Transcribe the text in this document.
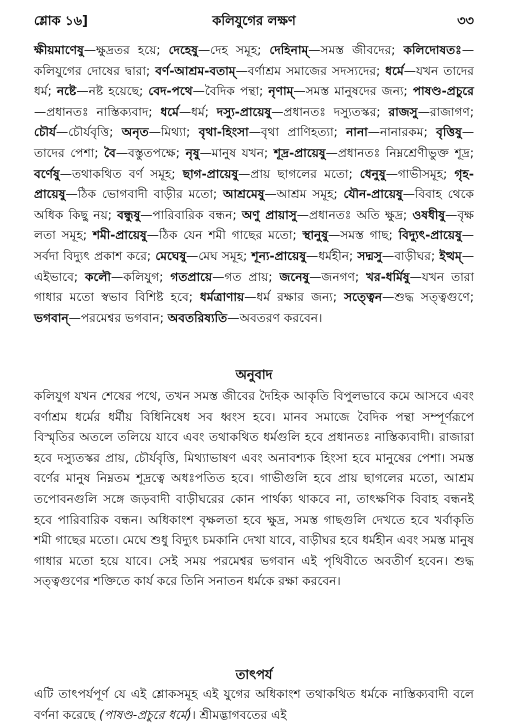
শ্লোক ১৬]	কলিযুগের লক্ষণ	৩৩

ক্ষীয়মাণেষু—ক্ষুদ্রতর হয়ে; দেহেষু—দেহ সমূহ; দেহিনাম্—সমস্ত জীবদের; কলিদোষতঃ—কলিযুগের দোষের দ্বারা; বর্ণ-আশ্রম-বতাম্—বর্ণাশ্রম সমাজের সদস্যদের; ধর্মে—যখন তাদের ধর্ম; নষ্টে—নষ্ট হয়েছে; বেদ-পথে—বৈদিক পন্থা; নৃণাম্—সমস্ত মানুষদের জন্য; পাষণ্ড-প্রচুরে—প্রধানতঃ নাস্তিক্যবাদ; ধর্মে—ধর্ম; দস্যু-প্রায়েষু—প্রধানতঃ দস্যুতস্কর; রাজসু—রাজাগণ; চৌর্য—চৌর্যবৃত্তি; অনৃত—মিথ্যা; বৃথা-হিংসা—বৃথা প্রাণিহত্যা; নানা—নানারকম; বৃত্তিষু—তাদের পেশা; বৈ—বস্তুতপক্ষে; নৃষু—মানুষ যখন; শূদ্র-প্রায়েষু—প্রধানতঃ নিম্নশ্রেণীভুক্ত শূদ্র; বর্ণেষু—তথাকথিত বর্ণ সমূহ; ছাগ-প্রায়েষু—প্রায় ছাগলের মতো; ধেনুষু—গাভীসমূহ; গৃহ-প্রায়েষু—ঠিক ভোগবাদী বাড়ীর মতো; আশ্রমেষু—আশ্রম সমূহ; যৌন-প্রায়েষু—বিবাহ থেকে অধিক কিছু নয়; বন্ধুষু—পারিবারিক বন্ধন; অণু প্রায়াসু—প্রধানতঃ অতি ক্ষুদ্র; ওষধীষু—বৃক্ষ লতা সমূহ; শমী-প্রায়েষু—ঠিক যেন শমী গাছের মতো; স্থানুষু—সমস্ত গাছ; বিদ্যুৎ-প্রায়েষু—সর্বদা বিদ্যুৎ প্রকাশ করে; মেঘেষু—মেঘ সমূহ; শূন্য-প্রায়েষু—ধর্মহীন; সদ্মসু—বাড়ীঘর; ইত্থম্—এইভাবে; কলৌ—কলিযুগ; গতপ্রায়ে—গত প্রায়; জনেষু—জনগণ; খর-ধর্মিষু—যখন তারা গাধার মতো স্বভাব বিশিষ্ট হবে; ধর্মত্রাণায়—ধর্ম রক্ষার জন্য; সত্ত্বেন—শুদ্ধ সত্ত্বগুণে; ভগবান্—পরমেশ্বর ভগবান; অবতরিষ্যতি—অবতরণ করবেন।

অনুবাদ

কলিযুগ যখন শেষের পথে, তখন সমস্ত জীবের দৈহিক আকৃতি বিপুলভাবে কমে আসবে এবং বর্ণাশ্রম ধর্মের ধর্মীয় বিধিনিষেধ সব ধ্বংস হবে। মানব সমাজে বৈদিক পন্থা সম্পূর্ণরূপে বিস্মৃতির অতলে তলিয়ে যাবে এবং তথাকথিত ধর্মগুলি হবে প্রধানতঃ নাস্তিক্যবাদী। রাজারা হবে দস্যুতস্কর প্রায়, চৌর্যবৃত্তি, মিথ্যাভাষণ এবং অনাবশ্যক হিংসা হবে মানুষের পেশা। সমস্ত বর্ণের মানুষ নিম্নতম শূদ্রত্বে অধঃপতিত হবে। গাভীগুলি হবে প্রায় ছাগলের মতো, আশ্রম তপোবনগুলি সঙ্গে জড়বাদী বাড়ীঘরের কোন পার্থক্য থাকবে না, তাৎক্ষণিক বিবাহ বন্ধনই হবে পারিবারিক বন্ধন। অধিকাংশ বৃক্ষলতা হবে ক্ষুদ্র, সমস্ত গাছগুলি দেখতে হবে খর্বাকৃতি শমী গাছের মতো। মেঘে শুধু বিদ্যুৎ চমকানি দেখা যাবে, বাড়ীঘর হবে ধর্মহীন এবং সমস্ত মানুষ গাধার মতো হয়ে যাবে। সেই সময় পরমেশ্বর ভগবান এই পৃথিবীতে অবতীর্ণ হবেন। শুদ্ধ সত্ত্বগুণের শক্তিতে কার্য করে তিনি সনাতন ধর্মকে রক্ষা করবেন।

তাৎপর্য

এটি তাৎপর্যপূর্ণ যে এই শ্লোকসমূহ এই যুগের অধিকাংশ তথাকথিত ধর্মকে নাস্তিক্যবাদী বলে বর্ণনা করেছে (পাষণ্ড-প্রচুরে ধর্মে)। শ্রীমদ্ভাগবতের এই
